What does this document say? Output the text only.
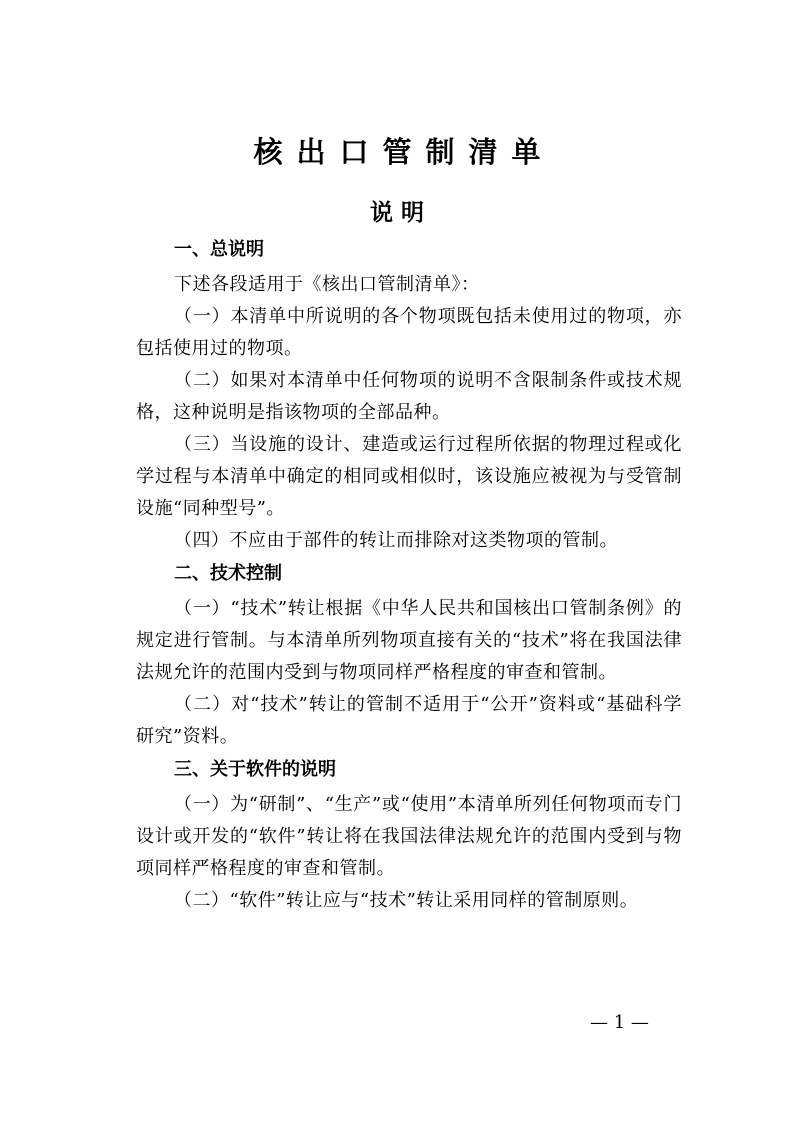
核出口管制清单
说明
一、总说明

下述各段适用于《核出口管制清单》：

（一）本清单中所说明的各个物项既包括未使用过的物项，亦包括使用过的物项。

（二）如果对本清单中任何物项的说明不含限制条件或技术规格，这种说明是指该物项的全部品种。

（三）当设施的设计、建造或运行过程所依据的物理过程或化学过程与本清单中确定的相同或相似时，该设施应被视为与受管制设施“同种型号”。

（四）不应由于部件的转让而排除对这类物项的管制。

二、技术控制

（一）“技术”转让根据《中华人民共和国核出口管制条例》的规定进行管制。与本清单所列物项直接有关的“技术”将在我国法律法规允许的范围内受到与物项同样严格程度的审查和管制。

（二）对“技术”转让的管制不适用于“公开”资料或“基础科学研究”资料。

三、关于软件的说明

（一）为“研制”、“生产”或“使用”本清单所列任何物项而专门设计或开发的“软件”转让将在我国法律法规允许的范围内受到与物项同样严格程度的审查和管制。

（二）“软件”转让应与“技术”转让采用同样的管制原则。

— 1 —
